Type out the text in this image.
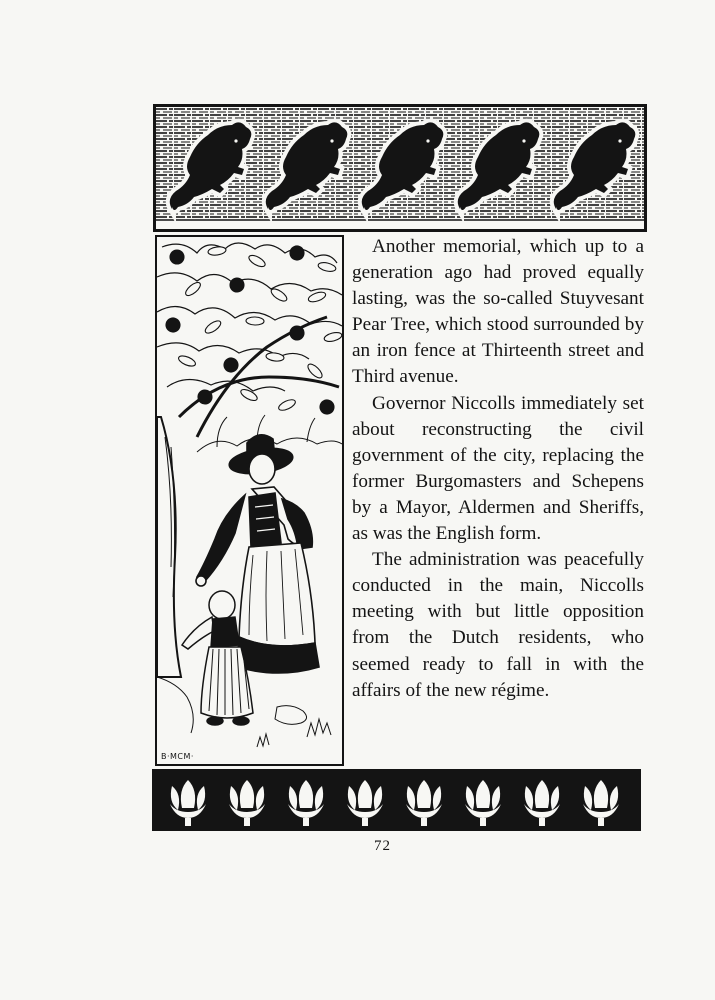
B·MCM·

Another memorial, which up to a generation ago had proved equally lasting, was the so-called Stuyvesant Pear Tree, which stood surrounded by an iron fence at Thirteenth street and Third avenue.

Governor Niccolls immediately set about reconstructing the civil government of the city, replacing the former Burgomasters and Schepens by a Mayor, Aldermen and Sheriffs, as was the English form.

The administration was peacefully conducted in the main, Niccolls meeting with but little opposition from the Dutch residents, who seemed ready to fall in with the affairs of the new régime.

72
